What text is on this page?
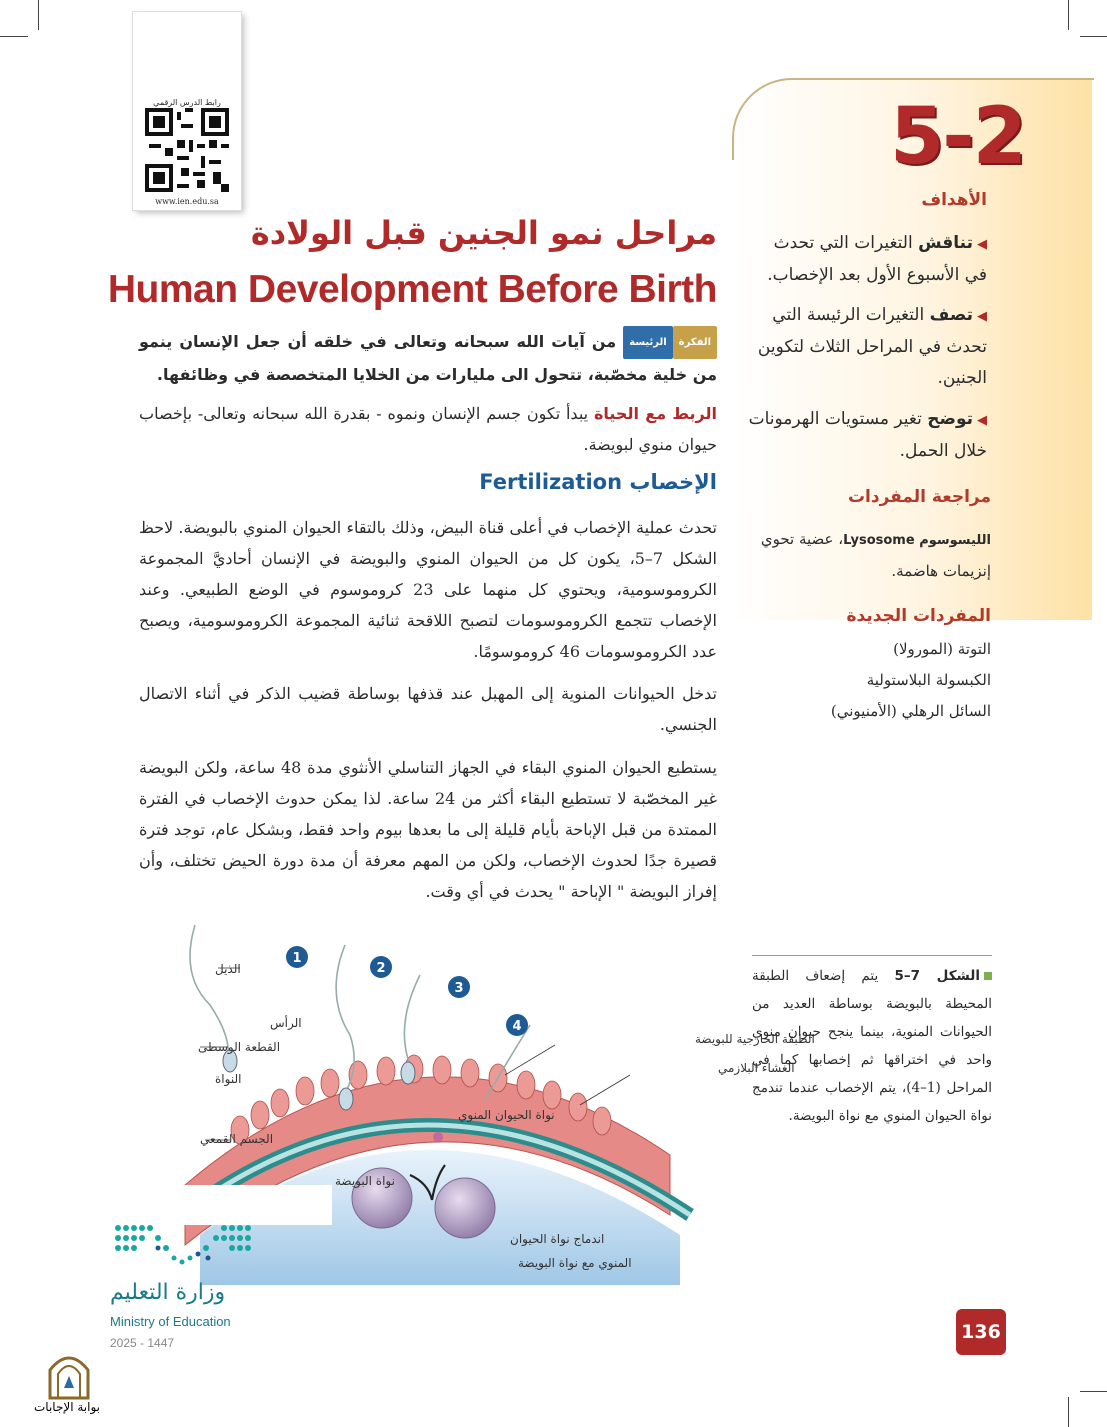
رابط الدرس الرقمي
www.ien.edu.sa
5-2
الأهداف
◀تناقش التغيرات التي تحدث في الأسبوع الأول بعد الإخصاب.
◀تصف التغيرات الرئيسة التي تحدث في المراحل الثلاث لتكوين الجنين.
◀توضح تغير مستويات الهرمونات خلال الحمل.
مراجعة المفردات
الليسوسوم Lysosome، عضية تحوي إنزيمات هاضمة.
المفردات الجديدة
التوتة (المورولا)
الكبسولة البلاستولية
السائل الرهلي (الأمنيوني)
مراحل نمو الجنين قبل الولادة
Human Development Before Birth
الفكرةالرئيسة من آيات الله سبحانه وتعالى في خلقه أن جعل الإنسان ينمو من خلية مخصّبة، تتحول الى مليارات من الخلايا المتخصصة في وظائفها.
الربط مع الحياة يبدأ تكون جسم الإنسان ونموه - بقدرة الله سبحانه وتعالى- بإخصاب حيوان منوي لبويضة.
الإخصاب Fertilization
تحدث عملية الإخصاب في أعلى قناة البيض، وذلك بالتقاء الحيوان المنوي بالبويضة. لاحظ الشكل 7–5، يكون كل من الحيوان المنوي والبويضة في الإنسان أحاديَّ المجموعة الكروموسومية، ويحتوي كل منهما على 23 كروموسوم في الوضع الطبيعي. وعند الإخصاب تتجمع الكروموسومات لتصبح اللاقحة ثنائية المجموعة الكروموسومية، ويصبح عدد الكروموسومات 46 كروموسومًا.
تدخل الحيوانات المنوية إلى المهبل عند قذفها بوساطة قضيب الذكر في أثناء الاتصال الجنسي.
يستطيع الحيوان المنوي البقاء في الجهاز التناسلي الأنثوي مدة 48 ساعة، ولكن البويضة غير المخصّبة لا تستطيع البقاء أكثر من 24 ساعة. لذا يمكن حدوث الإخصاب في الفترة الممتدة من قبل الإباحة بأيام قليلة إلى ما بعدها بيوم واحد فقط، وبشكل عام، توجد فترة قصيرة جدًا لحدوث الإخصاب، ولكن من المهم معرفة أن مدة دورة الحيض تختلف، وأن إفراز البويضة " الإباحة " يحدث في أي وقت.
الشكل 7–5 يتم إضعاف الطبقة المحيطة بالبويضة بوساطة العديد من الحيوانات المنوية، بينما ينجح حيوان منوي واحد في اختراقها ثم إخصابها كما في المراحل (1–4)، يتم الإخصاب عندما تندمج نواة الحيوان المنوي مع نواة البويضة.
1
2
3
4
الذيل
الرأس
القطعة الوسطى
النواة
الجسم القمعي
الطبقة الخارجية للبويضة
الغشاء البلازمي
نواة الحيوان المنوي
نواة البويضة
اندماج نواة الحيوان
المنوي مع نواة البويضة
وزارة التعليم
Ministry of Education
2025 - 1447	136
بوابة الإجابات
